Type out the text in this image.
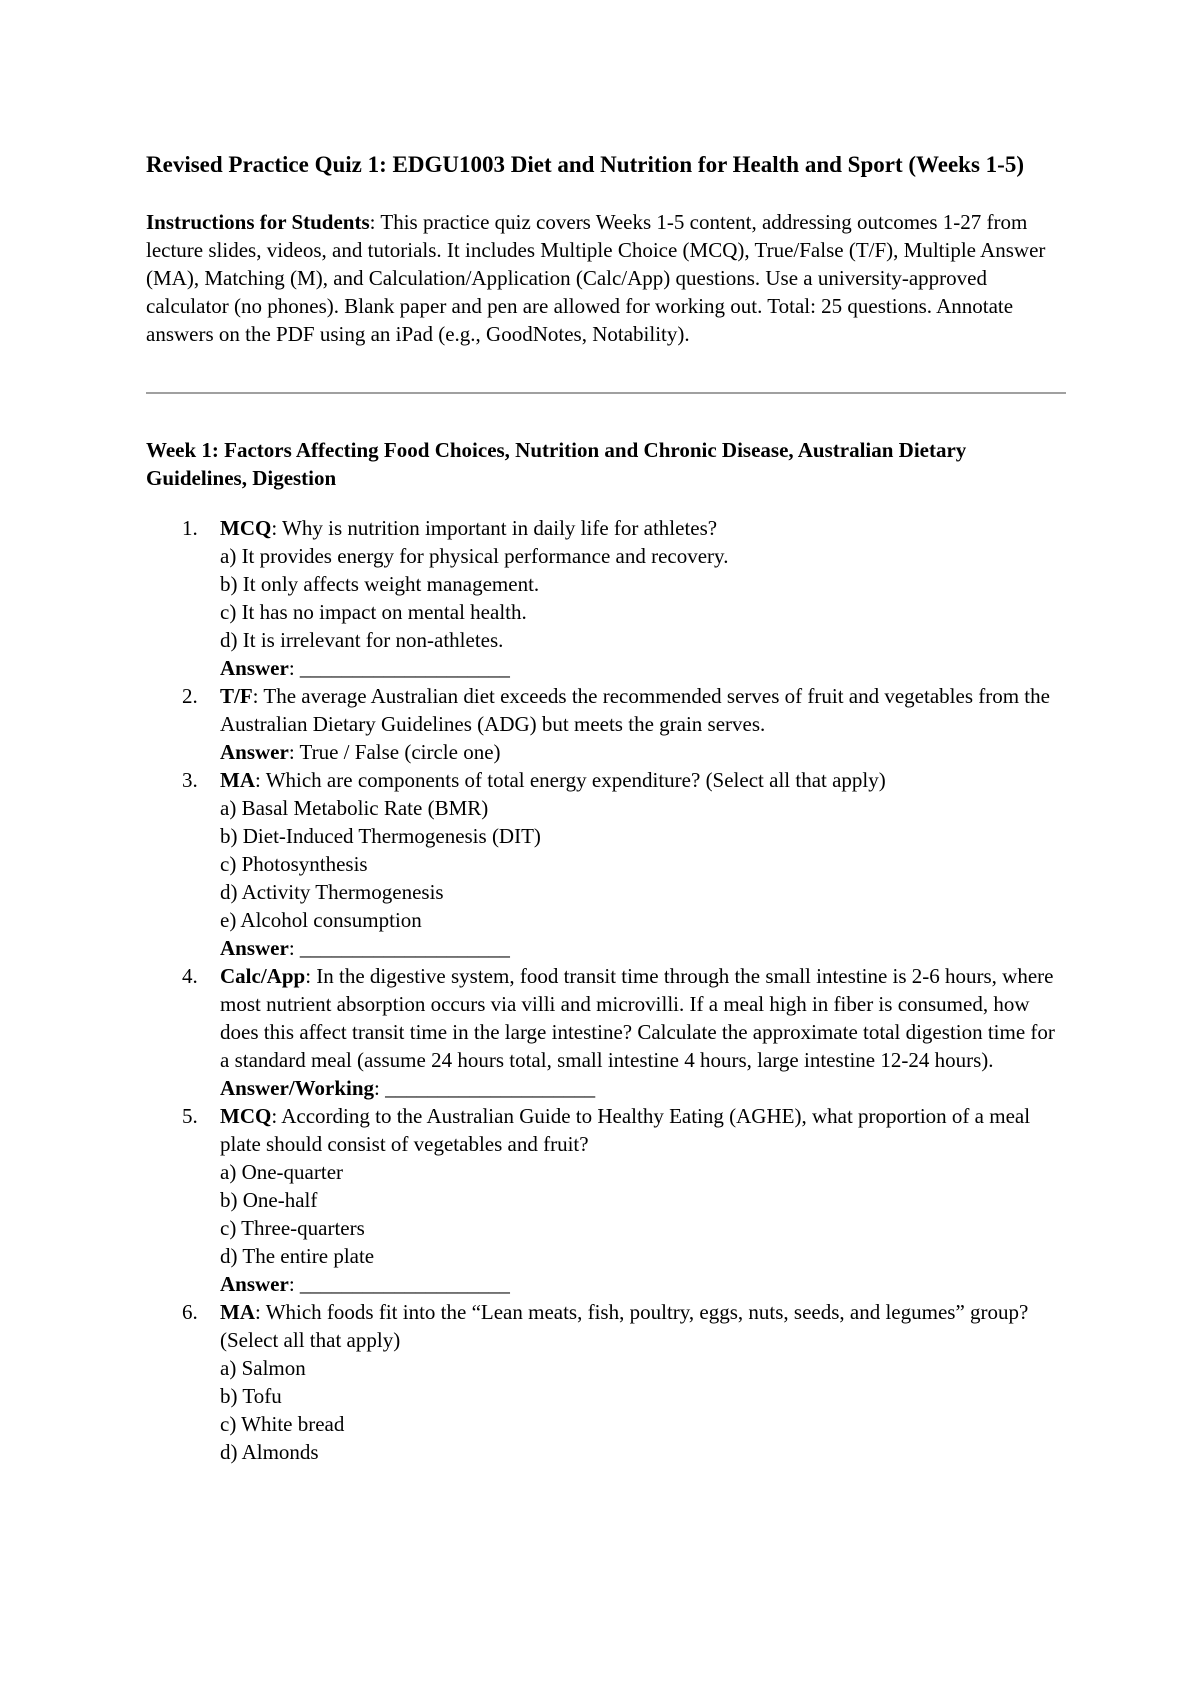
Revised Practice Quiz 1: EDGU1003 Diet and Nutrition for Health and Sport (Weeks 1-5)

Instructions for Students: This practice quiz covers Weeks 1-5 content, addressing outcomes 1-27 from lecture slides, videos, and tutorials. It includes Multiple Choice (MCQ), True/False (T/F), Multiple Answer (MA), Matching (M), and Calculation/Application (Calc/App) questions. Use a university-approved calculator (no phones). Blank paper and pen are allowed for working out. Total: 25 questions. Annotate answers on the PDF using an iPad (e.g., GoodNotes, Notability).

Week 1: Factors Affecting Food Choices, Nutrition and Chronic Disease, Australian Dietary Guidelines, Digestion
1. MCQ: Why is nutrition important in daily life for athletes?
a) It provides energy for physical performance and recovery.
b) It only affects weight management.
c) It has no impact on mental health.
d) It is irrelevant for non-athletes.
Answer: ____________________
2. T/F: The average Australian diet exceeds the recommended serves of fruit and vegetables from the Australian Dietary Guidelines (ADG) but meets the grain serves.
Answer: True / False (circle one)
3. MA: Which are components of total energy expenditure? (Select all that apply)
a) Basal Metabolic Rate (BMR)
b) Diet-Induced Thermogenesis (DIT)
c) Photosynthesis
d) Activity Thermogenesis
e) Alcohol consumption
Answer: ____________________
4. Calc/App: In the digestive system, food transit time through the small intestine is 2-6 hours, where most nutrient absorption occurs via villi and microvilli. If a meal high in fiber is consumed, how does this affect transit time in the large intestine? Calculate the approximate total digestion time for a standard meal (assume 24 hours total, small intestine 4 hours, large intestine 12-24 hours).
Answer/Working: ____________________
5. MCQ: According to the Australian Guide to Healthy Eating (AGHE), what proportion of a meal plate should consist of vegetables and fruit?
a) One-quarter
b) One-half
c) Three-quarters
d) The entire plate
Answer: ____________________
6. MA: Which foods fit into the “Lean meats, fish, poultry, eggs, nuts, seeds, and legumes” group? (Select all that apply)
a) Salmon
b) Tofu
c) White bread
d) Almonds
